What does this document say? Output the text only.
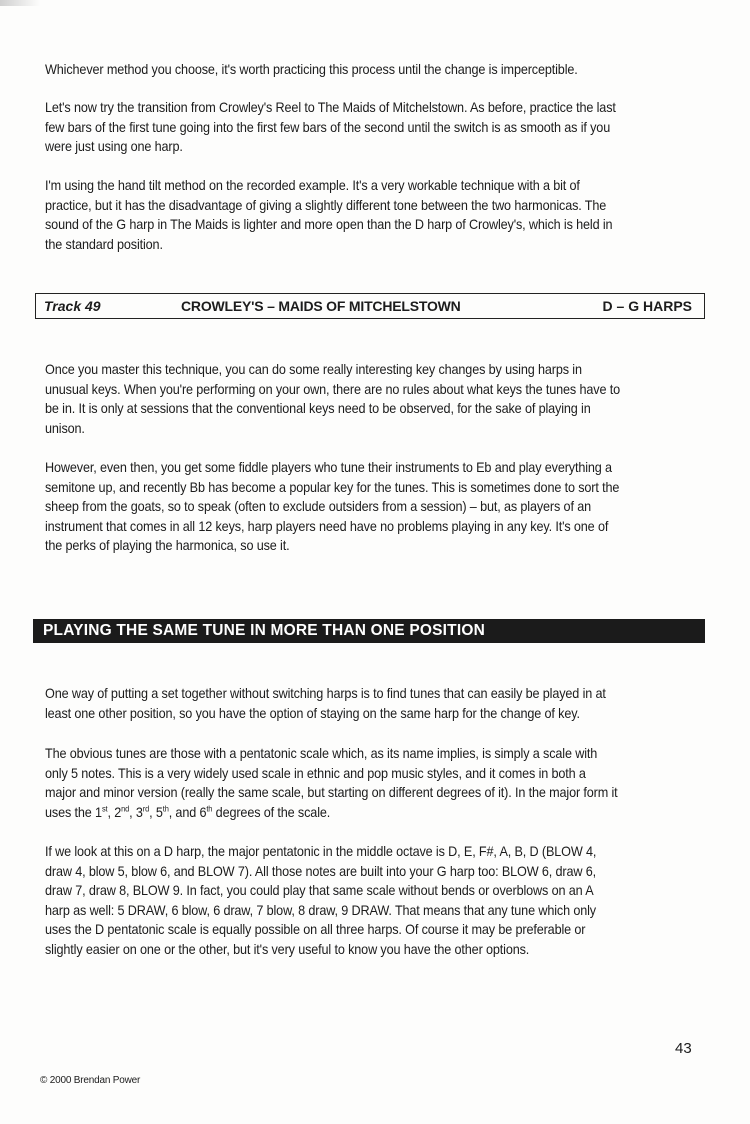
Whichever method you choose, it's worth practicing this process until the change is imperceptible.
Let's now try the transition from Crowley's Reel to The Maids of Mitchelstown. As before, practice the last
few bars of the first tune going into the first few bars of the second until the switch is as smooth as if you
were just using one harp.
I'm using the hand tilt method on the recorded example. It's a very workable technique with a bit of
practice, but it has the disadvantage of giving a slightly different tone between the two harmonicas. The
sound of the G harp in The Maids is lighter and more open than the D harp of Crowley's, which is held in
the standard position.
Track 49	CROWLEY'S – MAIDS OF MITCHELSTOWN	D – G HARPS
Once you master this technique, you can do some really interesting key changes by using harps in
unusual keys. When you're performing on your own, there are no rules about what keys the tunes have to
be in. It is only at sessions that the conventional keys need to be observed, for the sake of playing in
unison.
However, even then, you get some fiddle players who tune their instruments to Eb and play everything a
semitone up, and recently Bb has become a popular key for the tunes. This is sometimes done to sort the
sheep from the goats, so to speak (often to exclude outsiders from a session) – but, as players of an
instrument that comes in all 12 keys, harp players need have no problems playing in any key. It's one of
the perks of playing the harmonica, so use it.
PLAYING THE SAME TUNE IN MORE THAN ONE POSITION
One way of putting a set together without switching harps is to find tunes that can easily be played in at
least one other position, so you have the option of staying on the same harp for the change of key.
The obvious tunes are those with a pentatonic scale which, as its name implies, is simply a scale with
only 5 notes. This is a very widely used scale in ethnic and pop music styles, and it comes in both a
major and minor version (really the same scale, but starting on different degrees of it). In the major form it
uses the 1st, 2nd, 3rd, 5th, and 6th degrees of the scale.
If we look at this on a D harp, the major pentatonic in the middle octave is D, E, F#, A, B, D (BLOW 4,
draw 4, blow 5, blow 6, and BLOW 7). All those notes are built into your G harp too: BLOW 6, draw 6,
draw 7, draw 8, BLOW 9. In fact, you could play that same scale without bends or overblows on an A
harp as well: 5 DRAW, 6 blow, 6 draw, 7 blow, 8 draw, 9 DRAW. That means that any tune which only
uses the D pentatonic scale is equally possible on all three harps. Of course it may be preferable or
slightly easier on one or the other, but it's very useful to know you have the other options.
43
© 2000 Brendan Power
